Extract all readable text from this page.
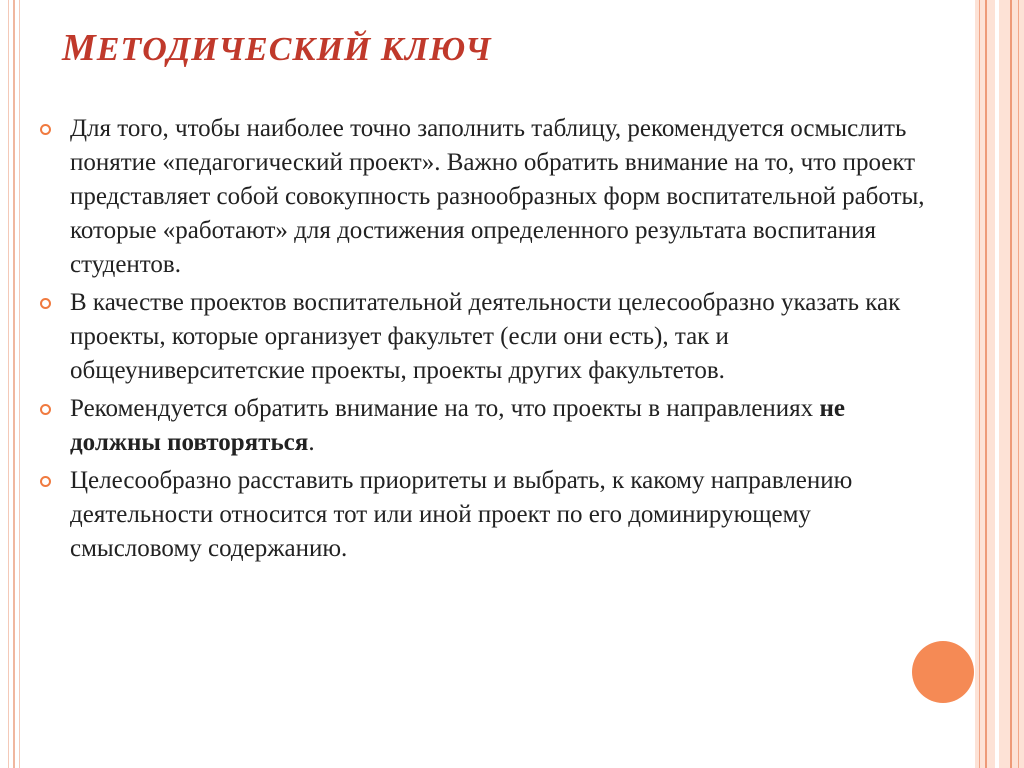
МЕТОДИЧЕСКИЙ КЛЮЧ
Для того, чтобы наиболее точно заполнить таблицу, рекомендуется осмыслить понятие «педагогический проект». Важно обратить внимание на то, что проект представляет собой совокупность разнообразных форм воспитательной работы, которые «работают» для достижения определенного результата воспитания студентов.
В качестве проектов воспитательной деятельности целесообразно указать как проекты, которые организует факультет (если они есть), так и общеуниверситетские проекты, проекты других факультетов.
Рекомендуется обратить внимание на то, что проекты в направлениях не должны повторяться.
Целесообразно расставить приоритеты и выбрать, к какому направлению деятельности относится тот или иной проект по его доминирующему смысловому содержанию.
